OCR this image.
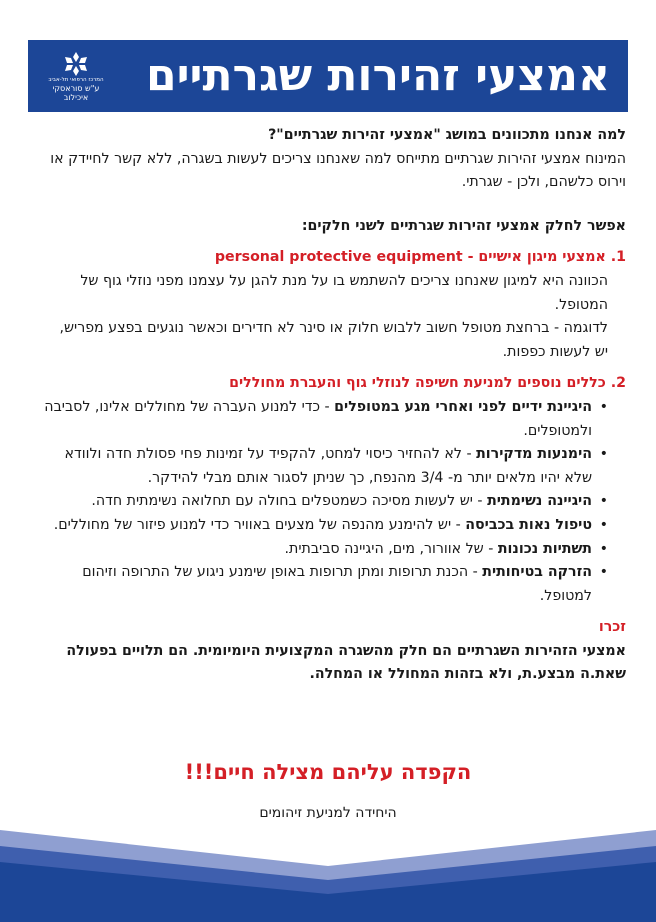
המרכז הרפואי תל-אביב
ע"ש סוראסקי
איכילוב אמצעי זהירות שגרתיים

למה אנחנו מתכוונים במושג "אמצעי זהירות שגרתיים"?

המינוח אמצעי זהירות שגרתיים מתייחס למה שאנחנו צריכים לעשות בשגרה, ללא קשר לחיידק או וירוס כלשהם, ולכן - שגרתי.

אפשר לחלק אמצעי זהירות שגרתיים לשני חלקים:

1. אמצעי מיגון אישיים - personal protective equipment

הכוונה היא למיגון שאנחנו צריכים להשתמש בו על מנת להגן על עצמנו מפני נוזלי גוף של המטופל.

לדוגמה - ברחצת מטופל חשוב ללבוש חלוק או סינר לא חדירים וכאשר נוגעים בפצע מפריש, יש לעשות כפפות.

2. כללים נוספים למניעת חשיפה לנוזלי גוף והעברת מחוללים

• היגיינת ידיים לפני ואחרי מגע במטופלים - כדי למנוע העברה של מחוללים אלינו, לסביבה ולמטופלים.
• הימנעות מדקירות - לא להחזיר כיסוי למחט, להקפיד על זמינות פחי פסולת חדה ולוודא שלא יהיו מלאים יותר מ- 3/4 מהנפח, כך שניתן לסגור אותם מבלי להידקר.
• היגיינה נשימתית - יש לעשות מסיכה כשמטפלים בחולה עם תחלואה נשימתית חדה.
• טיפול נאות בכביסה - יש להימנע מהנפה של מצעים באוויר כדי למנוע פיזור של מחוללים.
• תשתיות נכונות - של אוורור, מים, היגיינה סביבתית.
• הזרקה בטיחותית - הכנת תרופות ומתן תרופות באופן שימנע ניגוע של התרופה וזיהום למטופל.

זכרו

אמצעי הזהירות השגרתיים הם חלק מהשגרה המקצועית היומיומית. הם תלויים בפעולה שאת.ה מבצע.ת, ולא בזהות המחולל או המחלה.

הקפדה עליהם מצילה חיים!!!
היחידה למניעת זיהומים
